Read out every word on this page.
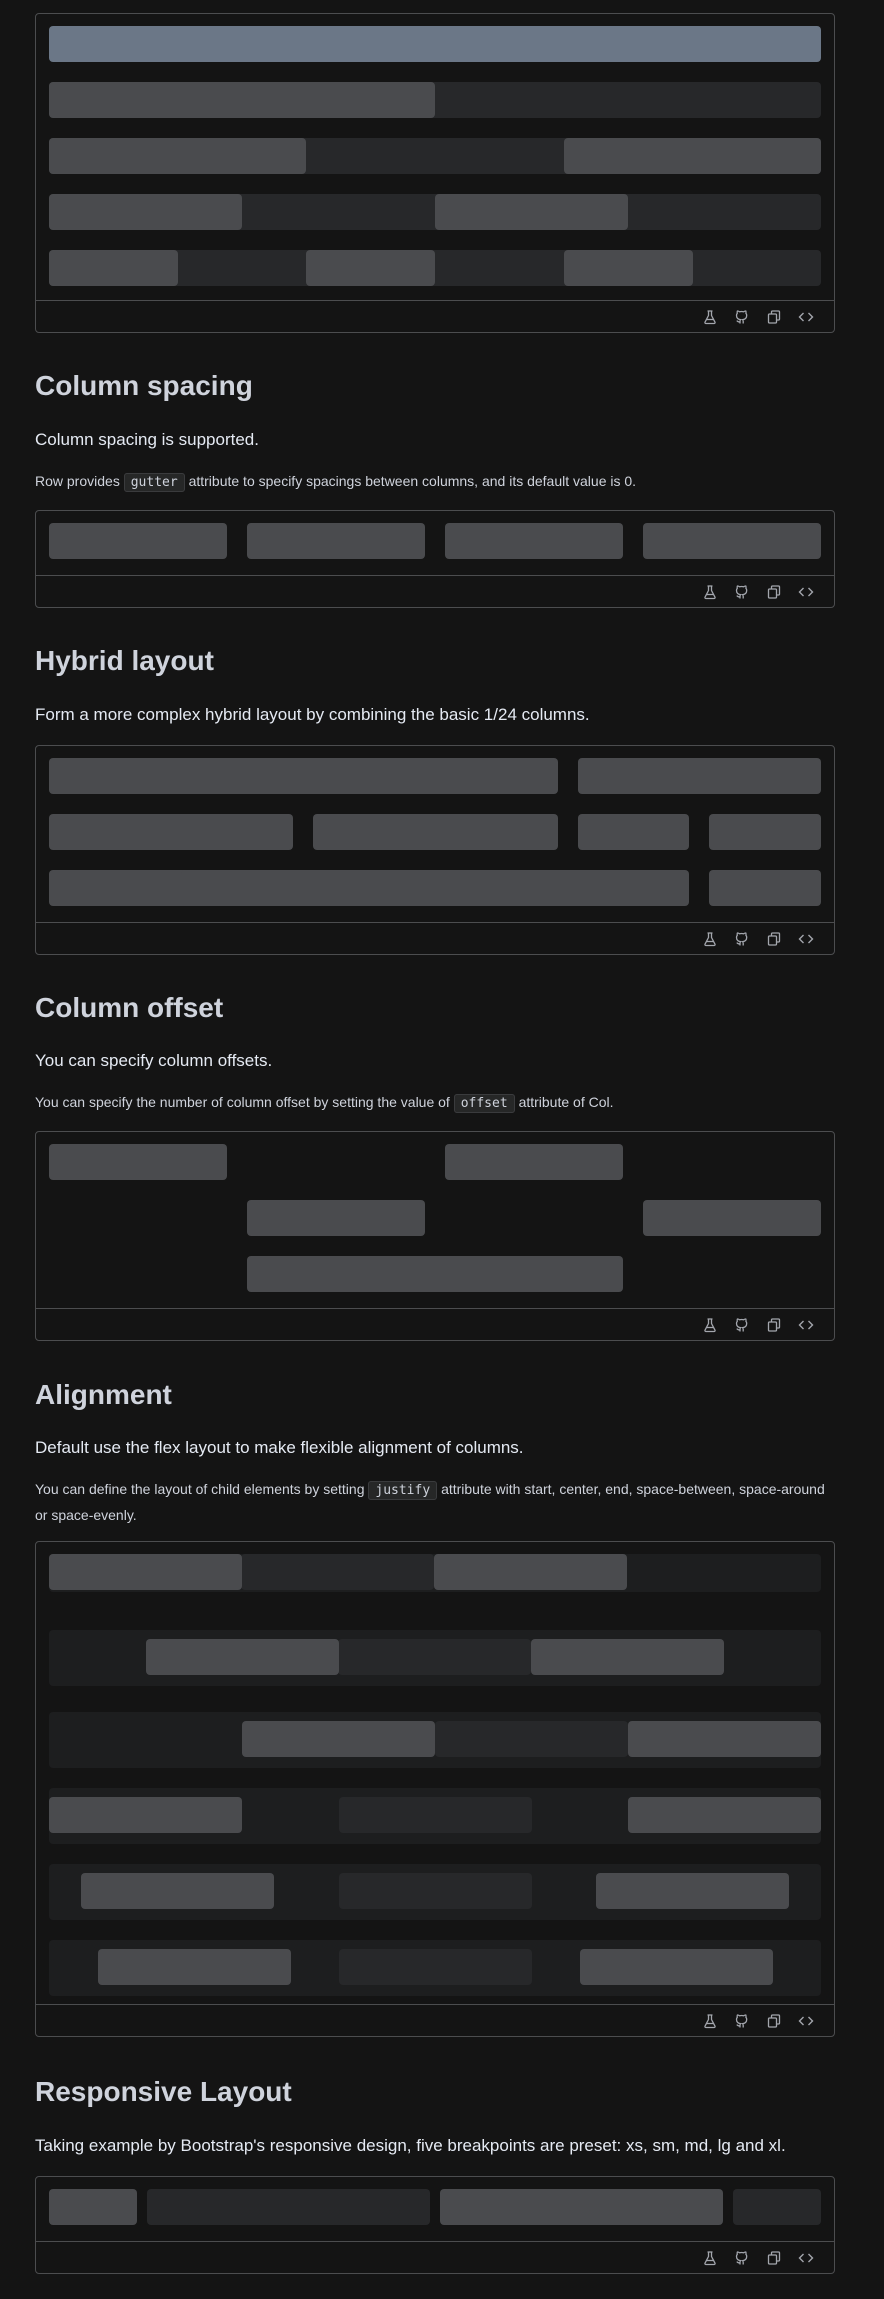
Column spacing

Column spacing is supported.

Row provides gutter attribute to specify spacings between columns, and its default value is 0.

Hybrid layout

Form a more complex hybrid layout by combining the basic 1/24 columns.

Column offset

You can specify column offsets.

You can specify the number of column offset by setting the value of offset attribute of Col.

Alignment

Default use the flex layout to make flexible alignment of columns.

You can define the layout of child elements by setting justify attribute with start, center, end, space-between, space-around or space-evenly.

Responsive Layout

Taking example by Bootstrap's responsive design, five breakpoints are preset: xs, sm, md, lg and xl.
